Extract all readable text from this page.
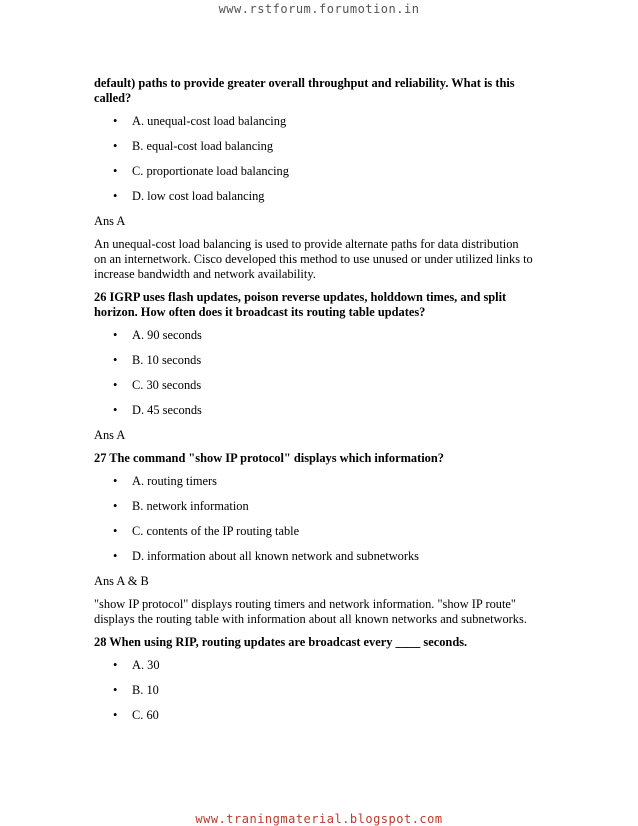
www.rstforum.forumotion.in
default) paths to provide greater overall throughput and reliability. What is this called?
• A. unequal-cost load balancing
• B. equal-cost load balancing
• C. proportionate load balancing
• D. low cost load balancing
Ans A
An unequal-cost load balancing is used to provide alternate paths for data distribution on an internetwork. Cisco developed this method to use unused or under utilized links to increase bandwidth and network availability.
26 IGRP uses flash updates, poison reverse updates, holddown times, and split horizon. How often does it broadcast its routing table updates?
• A. 90 seconds
• B. 10 seconds
• C. 30 seconds
• D. 45 seconds
Ans A
27 The command "show IP protocol" displays which information?
• A. routing timers
• B. network information
• C. contents of the IP routing table
• D. information about all known network and subnetworks
Ans A & B
"show IP protocol" displays routing timers and network information. "show IP route" displays the routing table with information about all known networks and subnetworks.
28 When using RIP, routing updates are broadcast every ____ seconds.
• A. 30
• B. 10
• C. 60
www.traningmaterial.blogspot.com
